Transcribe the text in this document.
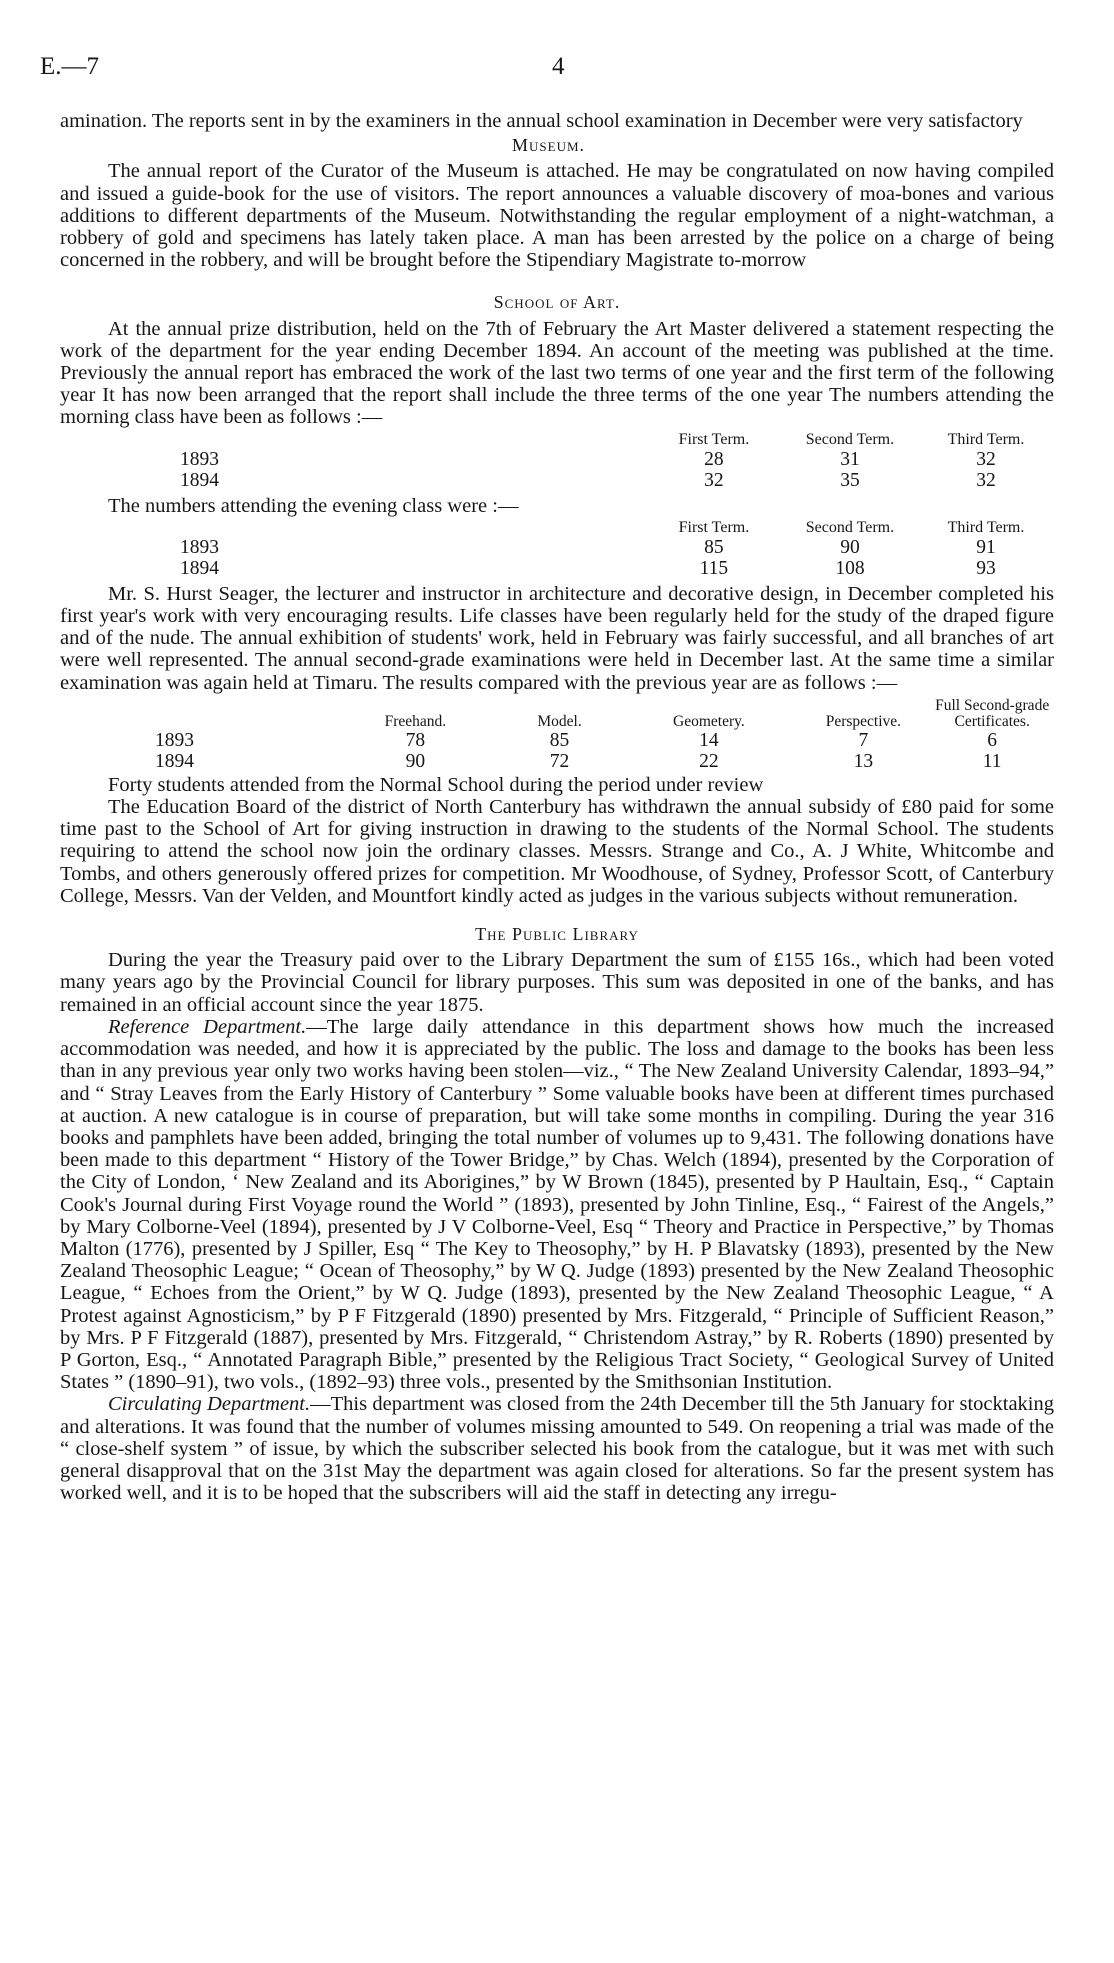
E.—7	4

amination. The reports sent in by the examiners in the annual school examination in December were very satisfactory

Museum.

The annual report of the Curator of the Museum is attached. He may be congratulated on now having compiled and issued a guide-book for the use of visitors. The report announces a valuable discovery of moa-bones and various additions to different departments of the Museum. Notwithstanding the regular employment of a night-watchman, a robbery of gold and specimens has lately taken place. A man has been arrested by the police on a charge of being concerned in the robbery, and will be brought before the Stipendiary Magistrate to-morrow

School of Art.

At the annual prize distribution, held on the 7th of February the Art Master delivered a statement respecting the work of the department for the year ending December 1894. An account of the meeting was published at the time. Previously the annual report has embraced the work of the last two terms of one year and the first term of the following year It has now been arranged that the report shall include the three terms of the one year The numbers attending the morning class have been as follows :—

	First Term.	Second Term.	Third Term.
1893	28	31	32
1894	32	35	32

The numbers attending the evening class were :—

	First Term.	Second Term.	Third Term.
1893	85	90	91
1894	115	108	93

Mr. S. Hurst Seager, the lecturer and instructor in architecture and decorative design, in December completed his first year's work with very encouraging results. Life classes have been regularly held for the study of the draped figure and of the nude. The annual exhibition of students' work, held in February was fairly successful, and all branches of art were well represented. The annual second-grade examinations were held in December last. At the same time a similar examination was again held at Timaru. The results compared with the previous year are as follows :—

	Freehand.	Model.	Geometery.	Perspective.	Full Second-grade Certificates.
1893	78	85	14	7	6
1894	90	72	22	13	11

Forty students attended from the Normal School during the period under review

The Education Board of the district of North Canterbury has withdrawn the annual subsidy of £80 paid for some time past to the School of Art for giving instruction in drawing to the students of the Normal School. The students requiring to attend the school now join the ordinary classes. Messrs. Strange and Co., A. J White, Whitcombe and Tombs, and others generously offered prizes for competition. Mr Woodhouse, of Sydney, Professor Scott, of Canterbury College, Messrs. Van der Velden, and Mountfort kindly acted as judges in the various subjects without remuneration.

The Public Library

During the year the Treasury paid over to the Library Department the sum of £155 16s., which had been voted many years ago by the Provincial Council for library purposes. This sum was deposited in one of the banks, and has remained in an official account since the year 1875.

Reference Department.—The large daily attendance in this department shows how much the increased accommodation was needed, and how it is appreciated by the public. The loss and damage to the books has been less than in any previous year only two works having been stolen—viz., “ The New Zealand University Calendar, 1893–94,” and “ Stray Leaves from the Early History of Canterbury ” Some valuable books have been at different times purchased at auction. A new catalogue is in course of preparation, but will take some months in compiling. During the year 316 books and pamphlets have been added, bringing the total number of volumes up to 9,431. The following donations have been made to this department “ History of the Tower Bridge,” by Chas. Welch (1894), presented by the Corporation of the City of London, ‘ New Zealand and its Aborigines,” by W Brown (1845), presented by P Haultain, Esq., “ Captain Cook's Journal during First Voyage round the World ” (1893), presented by John Tinline, Esq., “ Fairest of the Angels,” by Mary Colborne-Veel (1894), presented by J V Colborne-Veel, Esq “ Theory and Practice in Perspective,” by Thomas Malton (1776), presented by J Spiller, Esq “ The Key to Theosophy,” by H. P Blavatsky (1893), presented by the New Zealand Theosophic League; “ Ocean of Theosophy,” by W Q. Judge (1893) presented by the New Zealand Theosophic League, “ Echoes from the Orient,” by W Q. Judge (1893), presented by the New Zealand Theosophic League, “ A Protest against Agnosticism,” by P F Fitzgerald (1890) presented by Mrs. Fitzgerald, “ Principle of Sufficient Reason,” by Mrs. P F Fitzgerald (1887), presented by Mrs. Fitzgerald, “ Christendom Astray,” by R. Roberts (1890) presented by P Gorton, Esq., “ Annotated Paragraph Bible,” presented by the Religious Tract Society, “ Geological Survey of United States ” (1890–91), two vols., (1892–93) three vols., presented by the Smithsonian Institution.

Circulating Department.—This department was closed from the 24th December till the 5th January for stocktaking and alterations. It was found that the number of volumes missing amounted to 549. On reopening a trial was made of the “ close-shelf system ” of issue, by which the subscriber selected his book from the catalogue, but it was met with such general disapproval that on the 31st May the department was again closed for alterations. So far the present system has worked well, and it is to be hoped that the subscribers will aid the staff in detecting any irregu-
